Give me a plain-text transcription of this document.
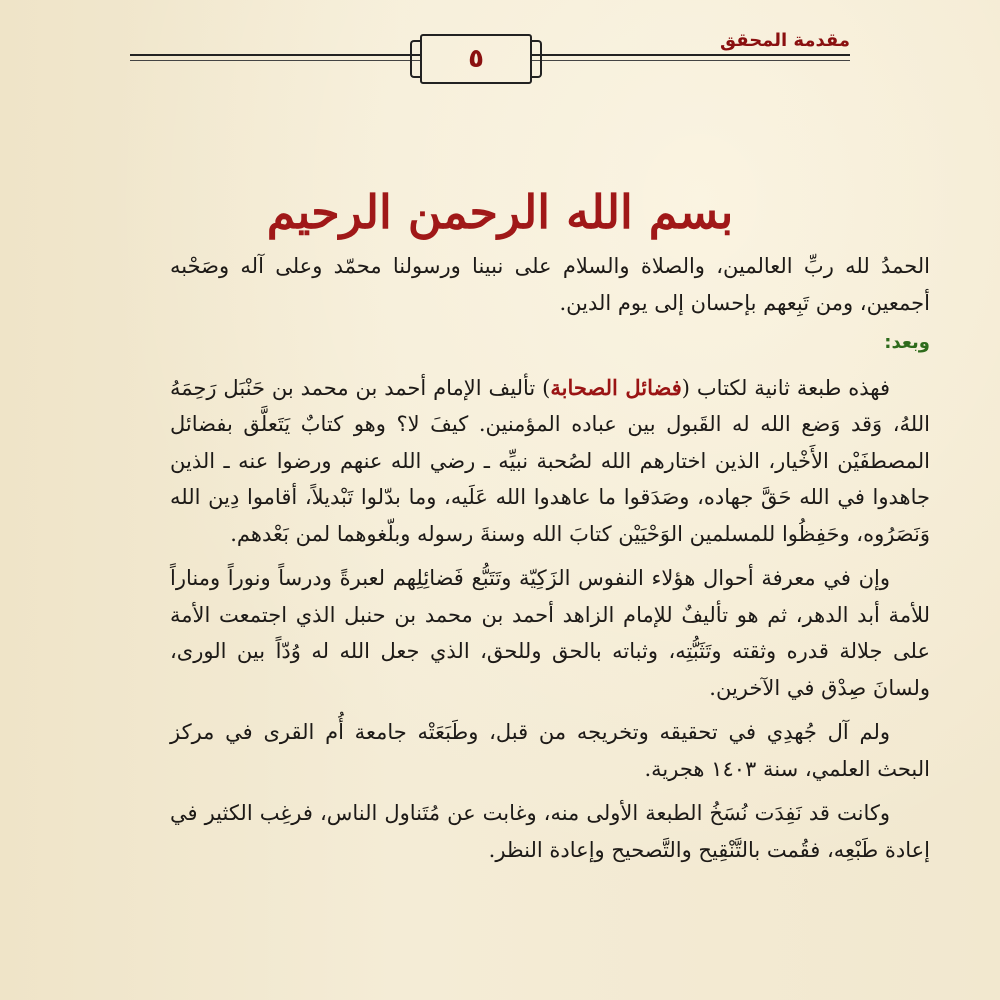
٥
مقدمة المحقق
بسم الله الرحمن الرحيم

الحمدُ لله ربِّ العالمين، والصلاة والسلام على نبينا ورسولنا محمّد وعلى آله وصَحْبه أجمعين، ومن تَبِعهم بإحسان إلى يوم الدين.

وبعد:

فهذه طبعة ثانية لكتاب (فضائل الصحابة) تأليف الإمام أحمد بن محمد بن حَنْبَل رَحِمَهُ اللهُ، وَقد وَضع الله له القَبول بين عباده المؤمنين. كيفَ لا؟ وهو كتابٌ يَتَعلَّق بفضائل المصطفَيْن الأَخْيار، الذين اختارهم الله لصُحبة نبيِّه ـ رضي الله عنهم ورضوا عنه ـ الذين جاهدوا في الله حَقَّ جهاده، وصَدَقوا ما عاهدوا الله عَلَيه، وما بدّلوا تَبْديلاً، أقاموا دِين الله وَنَصَرُوه، وحَفِظُوا للمسلمين الوَحْيَيْن كتابَ الله وسنةَ رسوله وبلّغوهما لمن بَعْدهم.

وإن في معرفة أحوال هؤلاء النفوس الزَكِيّة وتَتَبُّع فَضائِلِهم لعبرةً ودرساً ونوراً ومناراً للأمة أبد الدهر، ثم هو تأليفٌ للإمام الزاهد أحمد بن محمد بن حنبل الذي اجتمعت الأمة على جلالة قدره وثقته وتَثَبُّتِه، وثباته بالحق وللحق، الذي جعل الله له وُدّاً بين الورى، ولسانَ صِدْق في الآخرين.

ولم آل جُهدِي في تحقيقه وتخريجه من قبل، وطَبَعَتْه جامعة أُم القرى في مركز البحث العلمي، سنة ١٤٠٣ هجرية.

وكانت قد نَفِدَت نُسَخُ الطبعة الأولى منه، وغابت عن مُتَناول الناس، فرغِب الكثير في إعادة طَبْعِه، فقُمت بالتَّنْقِيح والتَّصحيح وإعادة النظر.
